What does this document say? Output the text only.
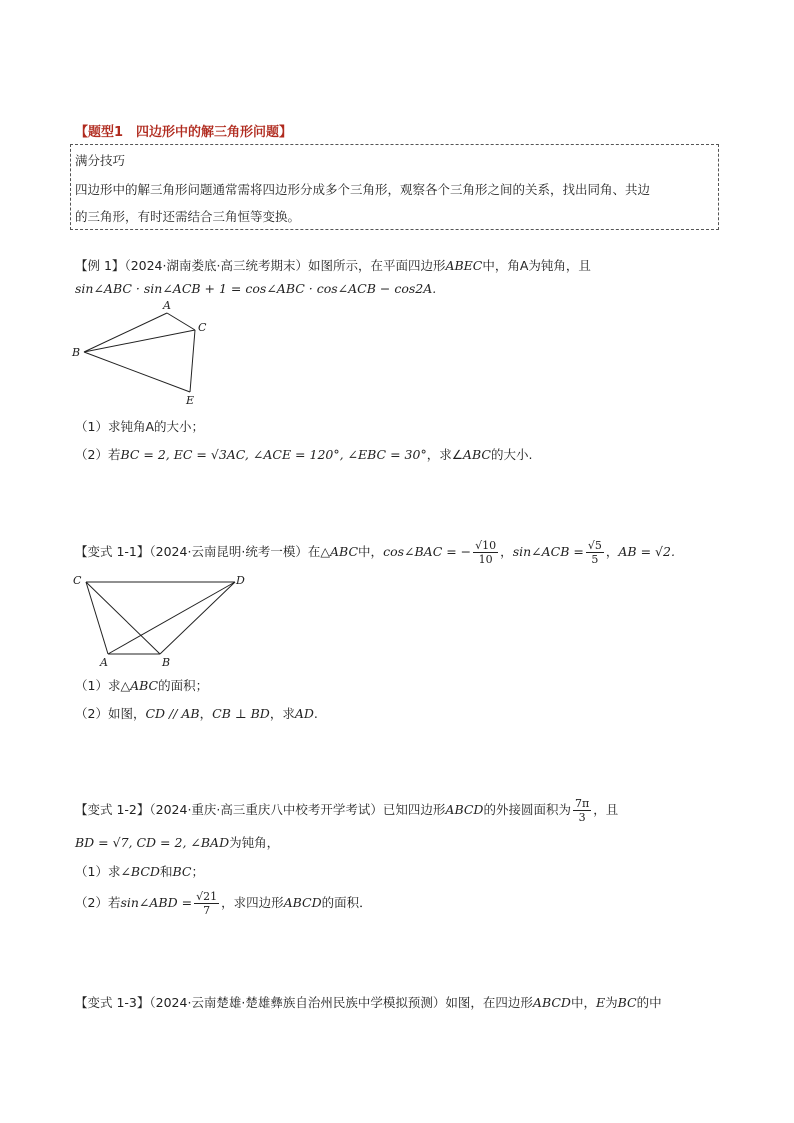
【题型1　四边形中的解三角形问题】
满分技巧
四边形中的解三角形问题通常需将四边形分成多个三角形，观察各个三角形之间的关系，找出同角、共边
的三角形，有时还需结合三角恒等变换。
【例 1】（2024·湖南娄底·高三统考期末）如图所示，在平面四边形ABEC中，角A为钝角，且
sin∠ABC · sin∠ACB + 1 = cos∠ABC · cos∠ACB − cos2A.
A
B
C
E
（1）求钝角A的大小；
（2）若BC = 2, EC = √3AC, ∠ACE = 120°, ∠EBC = 30°，求∠ABC的大小.
【变式 1-1】（2024·云南昆明·统考一模）在△ABC中，cos∠BAC = − $\frac{√10}{10}$ ，sin∠ACB = $\frac{√5}{5}$ ，AB = √2.
C	D
A	B
（1）求△ABC的面积；
（2）如图，CD // AB，CB ⊥ BD，求AD.
【变式 1-2】（2024·重庆·高三重庆八中校考开学考试）已知四边形ABCD的外接圆面积为 $\frac{7\pi}{3}$ ，且
BD = √7, CD = 2, ∠BAD为钝角，
（1）求∠BCD和BC；
（2）若sin∠ABD = $\frac{√21}{7}$ ，求四边形ABCD的面积．
【变式 1-3】（2024·云南楚雄·楚雄彝族自治州民族中学模拟预测）如图，在四边形ABCD中，E为BC的中
